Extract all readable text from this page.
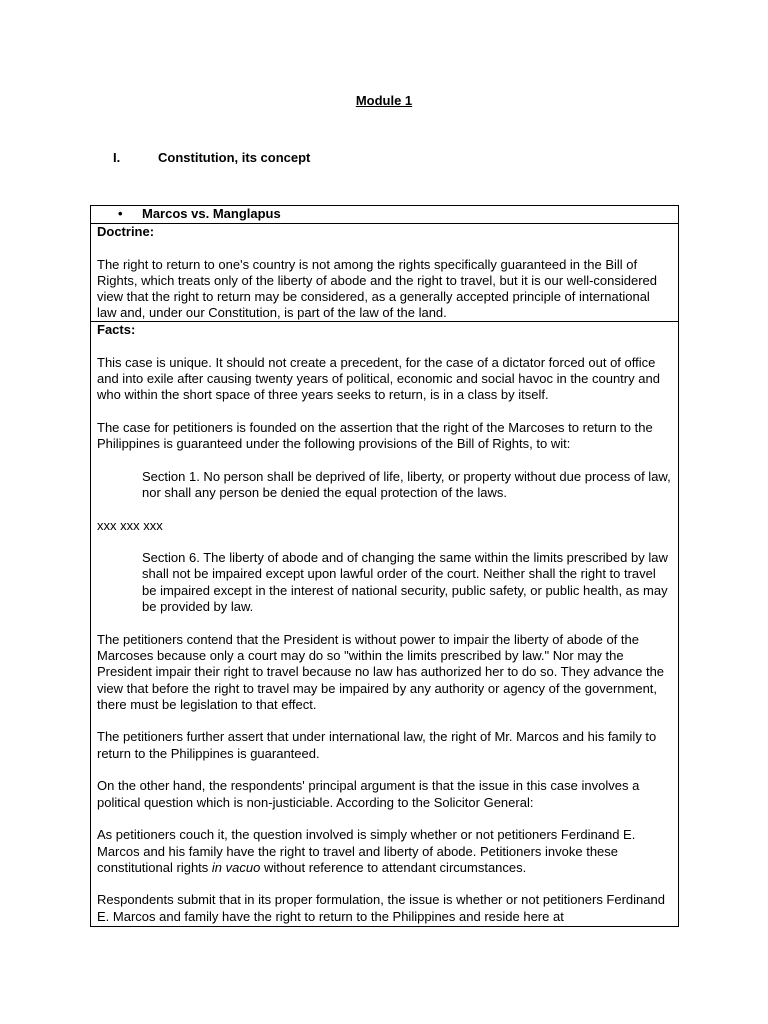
Module 1
I.	Constitution, its concept
• Marcos vs. Manglapus
Doctrine:

The right to return to one's country is not among the rights specifically guaranteed in the Bill of Rights, which treats only of the liberty of abode and the right to travel, but it is our well-considered view that the right to return may be considered, as a generally accepted principle of international law and, under our Constitution, is part of the law of the land.

Facts:

This case is unique. It should not create a precedent, for the case of a dictator forced out of office and into exile after causing twenty years of political, economic and social havoc in the country and who within the short space of three years seeks to return, is in a class by itself.

The case for petitioners is founded on the assertion that the right of the Marcoses to return to the Philippines is guaranteed under the following provisions of the Bill of Rights, to wit:

Section 1. No person shall be deprived of life, liberty, or property without due process of law, nor shall any person be denied the equal protection of the laws.

xxx xxx xxx

Section 6. The liberty of abode and of changing the same within the limits prescribed by law shall not be impaired except upon lawful order of the court. Neither shall the right to travel be impaired except in the interest of national security, public safety, or public health, as may be provided by law.

The petitioners contend that the President is without power to impair the liberty of abode of the Marcoses because only a court may do so "within the limits prescribed by law." Nor may the President impair their right to travel because no law has authorized her to do so. They advance the view that before the right to travel may be impaired by any authority or agency of the government, there must be legislation to that effect.

The petitioners further assert that under international law, the right of Mr. Marcos and his family to return to the Philippines is guaranteed.

On the other hand, the respondents' principal argument is that the issue in this case involves a political question which is non-justiciable. According to the Solicitor General:

As petitioners couch it, the question involved is simply whether or not petitioners Ferdinand E. Marcos and his family have the right to travel and liberty of abode. Petitioners invoke these constitutional rights in vacuo without reference to attendant circumstances.

Respondents submit that in its proper formulation, the issue is whether or not petitioners Ferdinand E. Marcos and family have the right to return to the Philippines and reside here at
